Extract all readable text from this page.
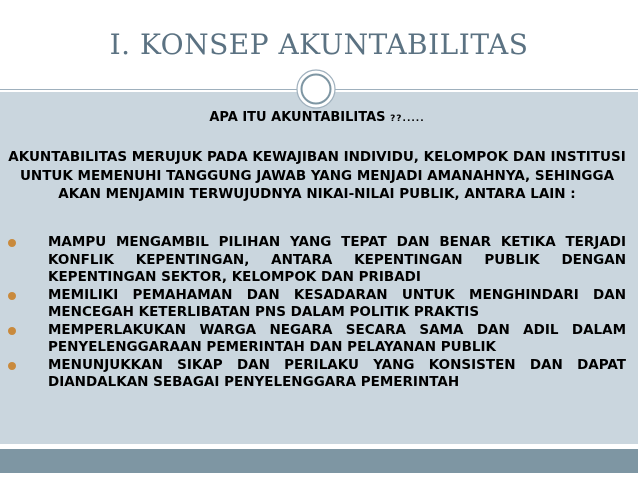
I. KONSEP AKUNTABILITAS
APA ITU AKUNTABILITAS ??.....
AKUNTABILITAS MERUJUK PADA KEWAJIBAN INDIVIDU, KELOMPOK DAN INSTITUSI UNTUK MEMENUHI TANGGUNG JAWAB YANG MENJADI AMANAHNYA, SEHINGGA AKAN MENJAMIN TERWUJUDNYA NIKAI-NILAI PUBLIK, ANTARA LAIN :
MAMPU MENGAMBIL PILIHAN YANG TEPAT DAN BENAR KETIKA TERJADI KONFLIK KEPENTINGAN, ANTARA KEPENTINGAN PUBLIK DENGAN KEPENTINGAN SEKTOR, KELOMPOK DAN PRIBADI
MEMILIKI PEMAHAMAN DAN KESADARAN UNTUK MENGHINDARI DAN MENCEGAH KETERLIBATAN PNS DALAM POLITIK PRAKTIS
MEMPERLAKUKAN WARGA NEGARA SECARA SAMA DAN ADIL DALAM PENYELENGGARAAN PEMERINTAH DAN PELAYANAN PUBLIK
MENUNJUKKAN SIKAP DAN PERILAKU YANG KONSISTEN DAN DAPAT DIANDALKAN SEBAGAI PENYELENGGARA PEMERINTAH
